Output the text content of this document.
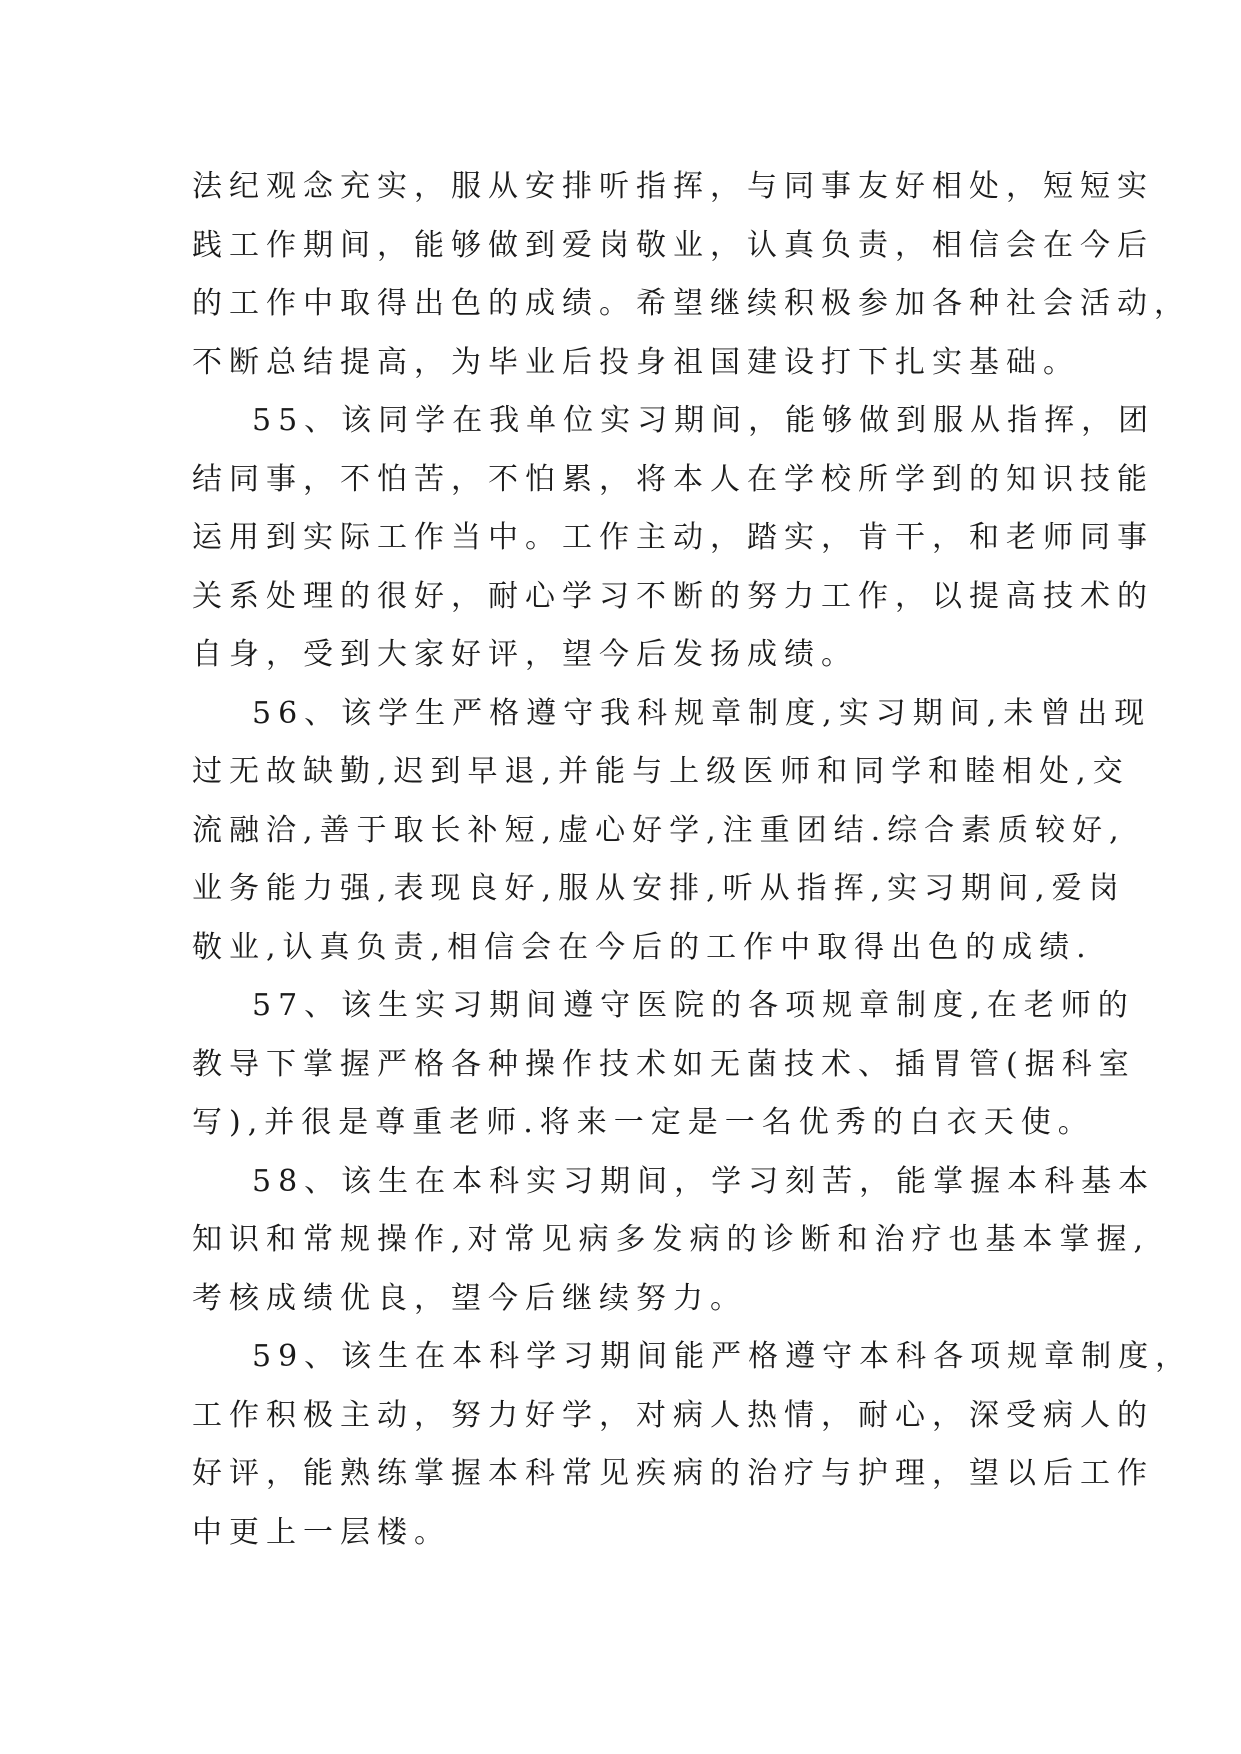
法纪观念充实，服从安排听指挥，与同事友好相处，短短实
践工作期间，能够做到爱岗敬业，认真负责，相信会在今后
的工作中取得出色的成绩。希望继续积极参加各种社会活动，
不断总结提高，为毕业后投身祖国建设打下扎实基础。
55、该同学在我单位实习期间，能够做到服从指挥，团
结同事，不怕苦，不怕累，将本人在学校所学到的知识技能
运用到实际工作当中。工作主动，踏实，肯干，和老师同事
关系处理的很好，耐心学习不断的努力工作，以提高技术的
自身，受到大家好评，望今后发扬成绩。
56、该学生严格遵守我科规章制度,实习期间,未曾出现
过无故缺勤,迟到早退,并能与上级医师和同学和睦相处,交
流融洽,善于取长补短,虚心好学,注重团结.综合素质较好,
业务能力强,表现良好,服从安排,听从指挥,实习期间,爱岗
敬业,认真负责,相信会在今后的工作中取得出色的成绩.
57、该生实习期间遵守医院的各项规章制度,在老师的
教导下掌握严格各种操作技术如无菌技术、插胃管(据科室
写),并很是尊重老师.将来一定是一名优秀的白衣天使。
58、该生在本科实习期间，学习刻苦，能掌握本科基本
知识和常规操作,对常见病多发病的诊断和治疗也基本掌握,
考核成绩优良，望今后继续努力。
59、该生在本科学习期间能严格遵守本科各项规章制度，
工作积极主动，努力好学，对病人热情，耐心，深受病人的
好评，能熟练掌握本科常见疾病的治疗与护理，望以后工作
中更上一层楼。
